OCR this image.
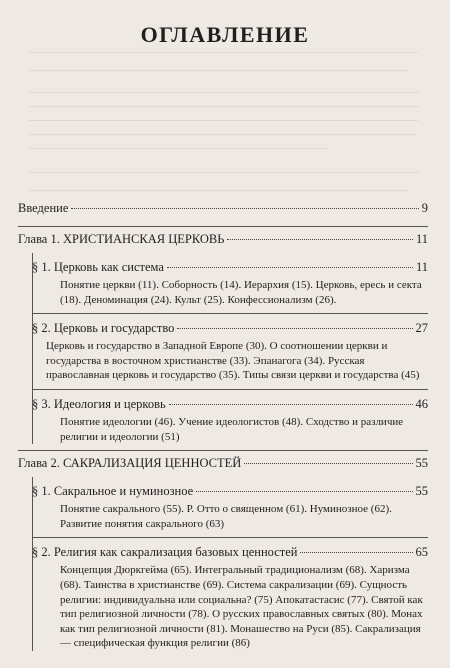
ОГЛАВЛЕНИЕ
Введение	9
Глава 1. ХРИСТИАНСКАЯ ЦЕРКОВЬ	11
§ 1. Церковь как система	11
Понятие церкви (11). Соборность (14). Иерархия (15). Церковь, ересь и секта (18). Деноминация (24). Культ (25). Конфессионализм (26).
§ 2. Церковь и государство	27
Церковь и государство в Западной Европе (30). О соотношении церкви и государства в восточном христианстве (33). Эпанагога (34). Русская православная церковь и государство (35). Типы связи церкви и государства (45)
§ 3. Идеология и церковь	46
Понятие идеологии (46). Учение идеологистов (48). Сходство и различие религии и идеологии (51)
Глава 2. САКРАЛИЗАЦИЯ ЦЕННОСТЕЙ	55
§ 1. Сакральное и нуминозное	55
Понятие сакрального (55). Р. Отто о священном (61). Нуминозное (62). Развитие понятия сакрального (63)
§ 2. Религия как сакрализация базовых ценностей	65
Концепция Дюркгейма (65). Интегральный традиционализм (68). Харизма (68). Таинства в христианстве (69). Система сакрализации (69). Сущность религии: индивидуальна или социальна? (75) Апокатастасис (77). Святой как тип религиозной личности (78). О русских православных святых (80). Монах как тип религиозной личности (81). Монашество на Руси (85). Сакрализация — специфическая функция религии (86)
